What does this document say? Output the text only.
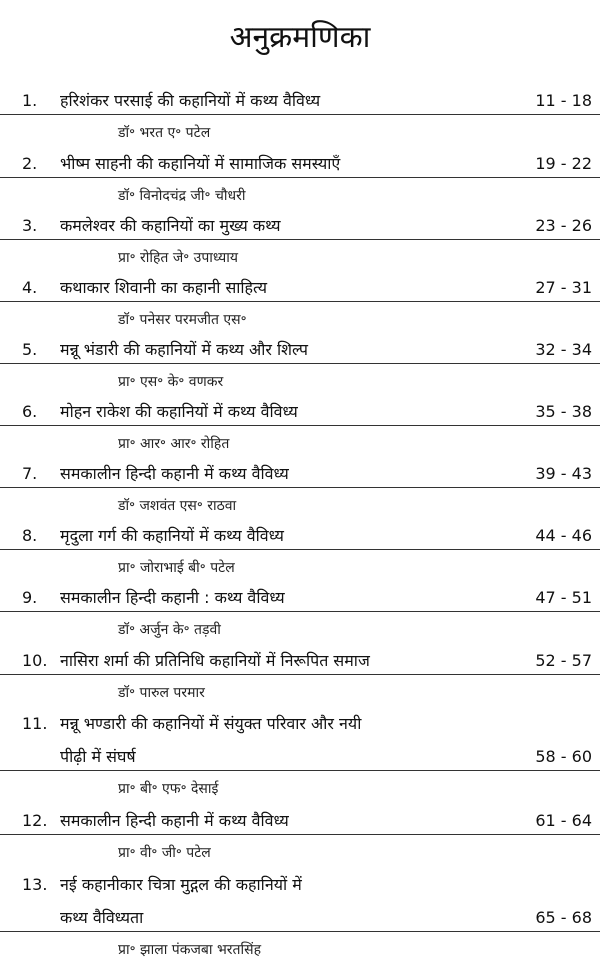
अनुक्रमणिका
1. हरिशंकर परसाई की कहानियों में कथ्य वैविध्य	11 - 18
डॉ॰ भरत ए॰ पटेल
2. भीष्म साहनी की कहानियों में सामाजिक समस्याएँ	19 - 22
डॉ॰ विनोदचंद्र जी॰ चौधरी
3. कमलेश्वर की कहानियों का मुख्य कथ्य	23 - 26
प्रा॰ रोहित जे॰ उपाध्याय
4. कथाकार शिवानी का कहानी साहित्य	27 - 31
डॉ॰ पनेसर परमजीत एस॰
5. मन्नू भंडारी की कहानियों में कथ्य और शिल्प	32 - 34
प्रा॰ एस॰ के॰ वणकर
6. मोहन राकेश की कहानियों में कथ्य वैविध्य	35 - 38
प्रा॰ आर॰ आर॰ रोहित
7. समकालीन हिन्दी कहानी में कथ्य वैविध्य	39 - 43
डॉ॰ जशवंत एस॰ राठवा
8. मृदुला गर्ग की कहानियों में कथ्य वैविध्य	44 - 46
प्रा॰ जोराभाई बी॰ पटेल
9. समकालीन हिन्दी कहानी : कथ्य वैविध्य	47 - 51
डॉ॰ अर्जुन के॰ तड़वी
10. नासिरा शर्मा की प्रतिनिधि कहानियों में निरूपित समाज	52 - 57
डॉ॰ पारुल परमार
11. मन्नू भण्डारी की कहानियों में संयुक्त परिवार और नयी
पीढ़ी में संघर्ष	58 - 60
प्रा॰ बी॰ एफ॰ देसाई
12. समकालीन हिन्दी कहानी में कथ्य वैविध्य	61 - 64
प्रा॰ वी॰ जी॰ पटेल
13. नई कहानीकार चित्रा मुद्गल की कहानियों में
कथ्य वैविध्यता	65 - 68
प्रा॰ झाला पंकजबा भरतसिंह
